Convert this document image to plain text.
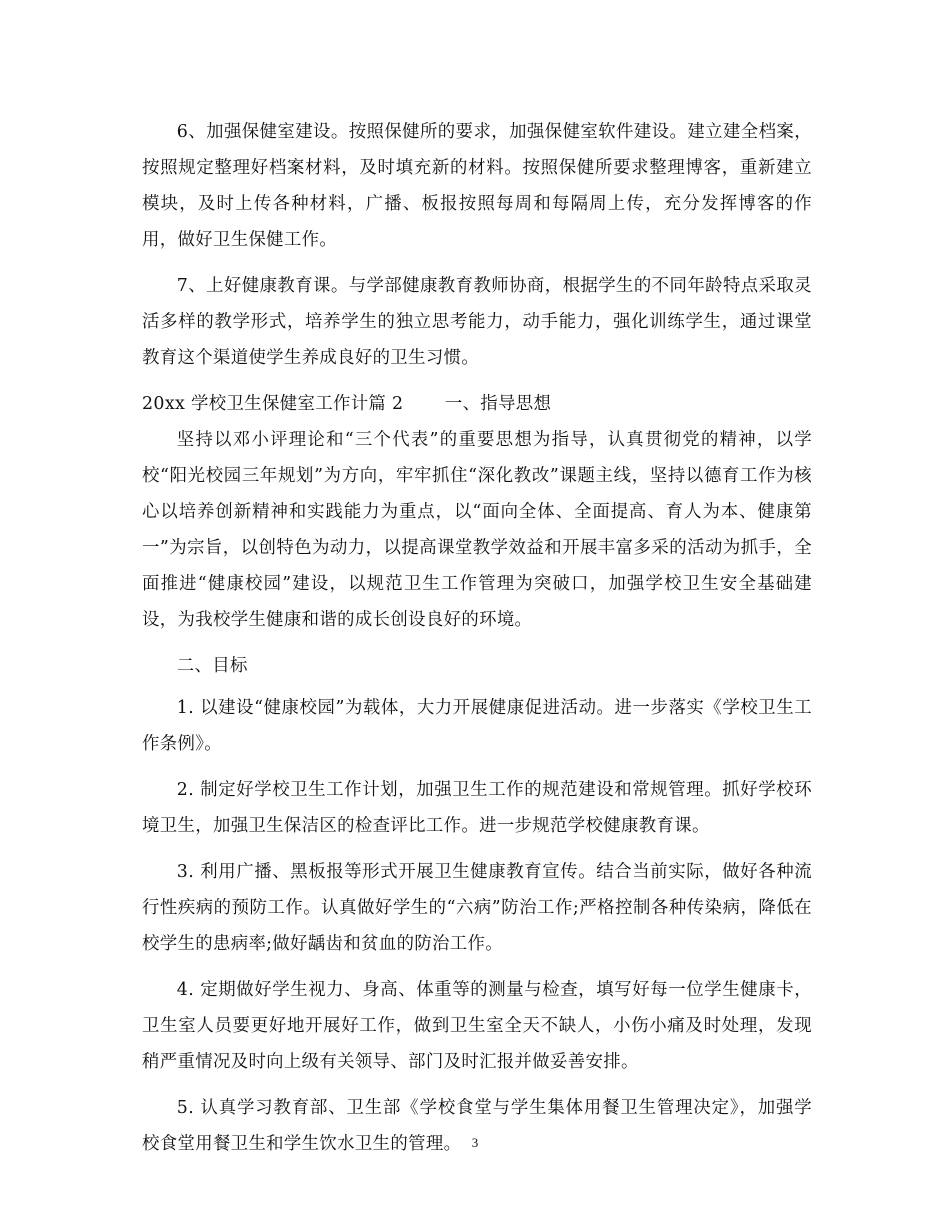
6、加强保健室建设。按照保健所的要求，加强保健室软件建设。建立建全档案，按照规定整理好档案材料，及时填充新的材料。按照保健所要求整理博客，重新建立模块，及时上传各种材料，广播、板报按照每周和每隔周上传，充分发挥博客的作用，做好卫生保健工作。

7、上好健康教育课。与学部健康教育教师协商，根据学生的不同年龄特点采取灵活多样的教学形式，培养学生的独立思考能力，动手能力，强化训练学生，通过课堂教育这个渠道使学生养成良好的卫生习惯。

20xx 学校卫生保健室工作计篇 2 　　一、指导思想

坚持以邓小评理论和“三个代表”的重要思想为指导，认真贯彻党的精神，以学校“阳光校园三年规划”为方向，牢牢抓住“深化教改”课题主线，坚持以德育工作为核心以培养创新精神和实践能力为重点，以“面向全体、全面提高、育人为本、健康第一”为宗旨，以创特色为动力，以提高课堂教学效益和开展丰富多采的活动为抓手，全面推进“健康校园”建设，以规范卫生工作管理为突破口，加强学校卫生安全基础建设，为我校学生健康和谐的成长创设良好的环境。

二、目标

1. 以建设“健康校园”为载体，大力开展健康促进活动。进一步落实《学校卫生工作条例》。

2. 制定好学校卫生工作计划，加强卫生工作的规范建设和常规管理。抓好学校环境卫生，加强卫生保洁区的检查评比工作。进一步规范学校健康教育课。

3. 利用广播、黑板报等形式开展卫生健康教育宣传。结合当前实际，做好各种流行性疾病的预防工作。认真做好学生的“六病”防治工作;严格控制各种传染病，降低在校学生的患病率;做好龋齿和贫血的防治工作。

4. 定期做好学生视力、身高、体重等的测量与检查，填写好每一位学生健康卡，卫生室人员要更好地开展好工作，做到卫生室全天不缺人，小伤小痛及时处理，发现稍严重情况及时向上级有关领导、部门及时汇报并做妥善安排。

5. 认真学习教育部、卫生部《学校食堂与学生集体用餐卫生管理决定》，加强学校食堂用餐卫生和学生饮水卫生的管理。 3
